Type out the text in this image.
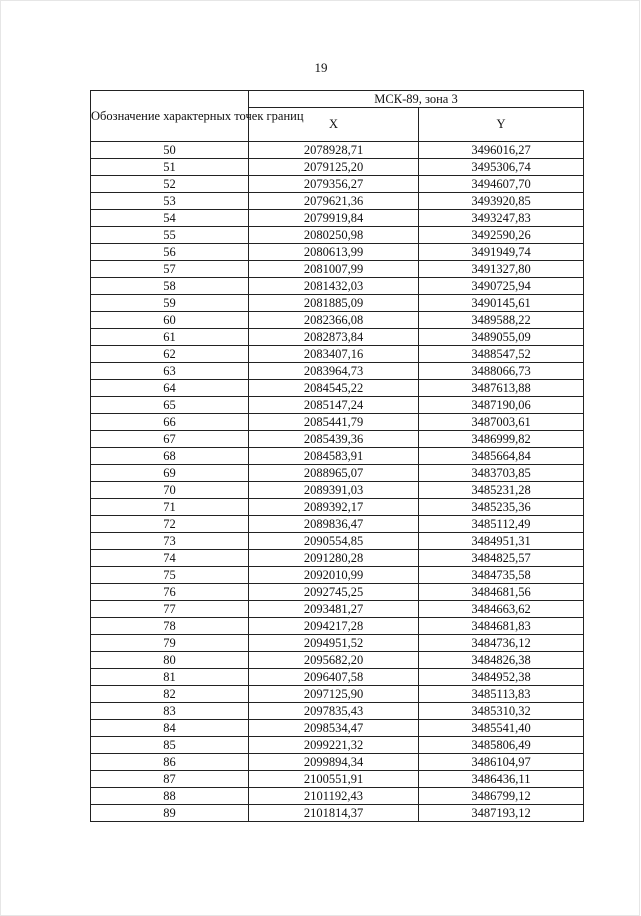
19
Обозначение характерных точек границ	МСК-89, зона 3	
	X	Y
50	2078928,71	3496016,27
51	2079125,20	3495306,74
52	2079356,27	3494607,70
53	2079621,36	3493920,85
54	2079919,84	3493247,83
55	2080250,98	3492590,26
56	2080613,99	3491949,74
57	2081007,99	3491327,80
58	2081432,03	3490725,94
59	2081885,09	3490145,61
60	2082366,08	3489588,22
61	2082873,84	3489055,09
62	2083407,16	3488547,52
63	2083964,73	3488066,73
64	2084545,22	3487613,88
65	2085147,24	3487190,06
66	2085441,79	3487003,61
67	2085439,36	3486999,82
68	2084583,91	3485664,84
69	2088965,07	3483703,85
70	2089391,03	3485231,28
71	2089392,17	3485235,36
72	2089836,47	3485112,49
73	2090554,85	3484951,31
74	2091280,28	3484825,57
75	2092010,99	3484735,58
76	2092745,25	3484681,56
77	2093481,27	3484663,62
78	2094217,28	3484681,83
79	2094951,52	3484736,12
80	2095682,20	3484826,38
81	2096407,58	3484952,38
82	2097125,90	3485113,83
83	2097835,43	3485310,32
84	2098534,47	3485541,40
85	2099221,32	3485806,49
86	2099894,34	3486104,97
87	2100551,91	3486436,11
88	2101192,43	3486799,12
89	2101814,37	3487193,12
